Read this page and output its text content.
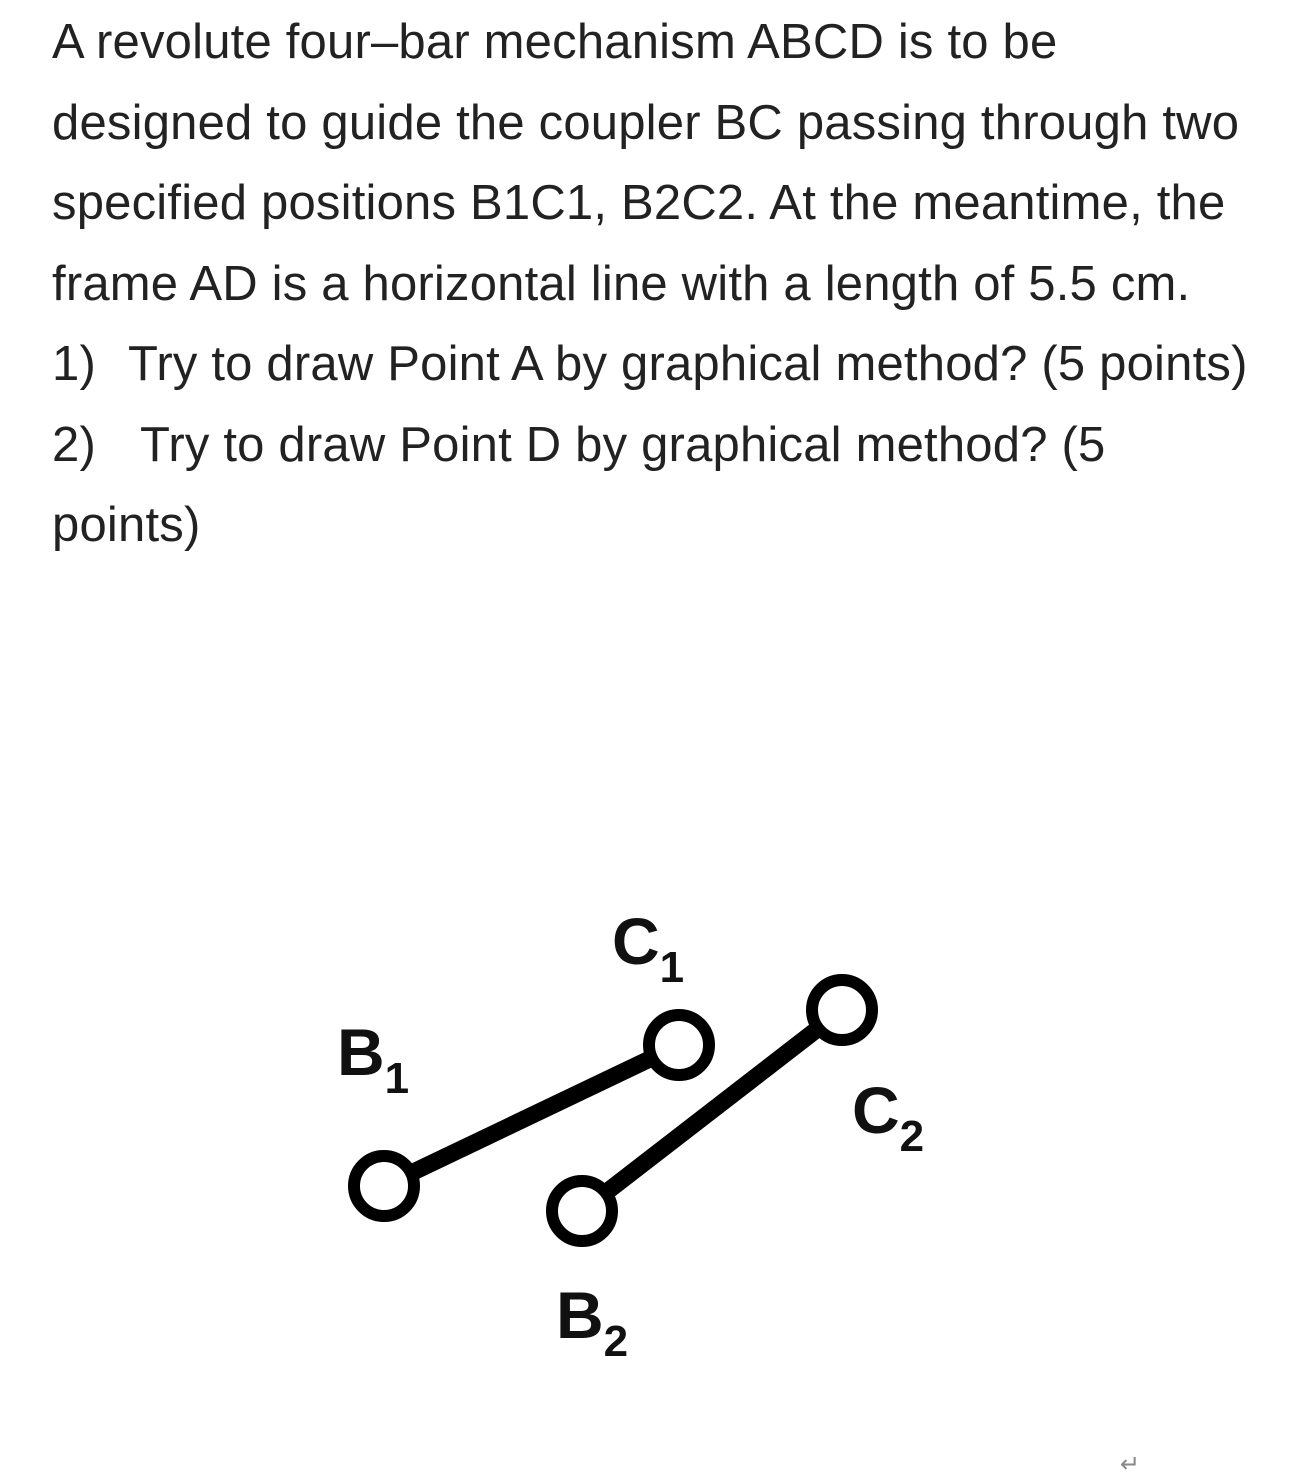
A revolute four–bar mechanism ABCD is to be designed to guide the coupler BC passing through two specified positions B1C1, B2C2. At the meantime, the frame AD is a horizontal line with a length of 5.5 cm.

1) Try to draw Point A by graphical method? (5 points)
2) Try to draw Point D by graphical method? (5 points)
B1
C1
C2
B2
↵
